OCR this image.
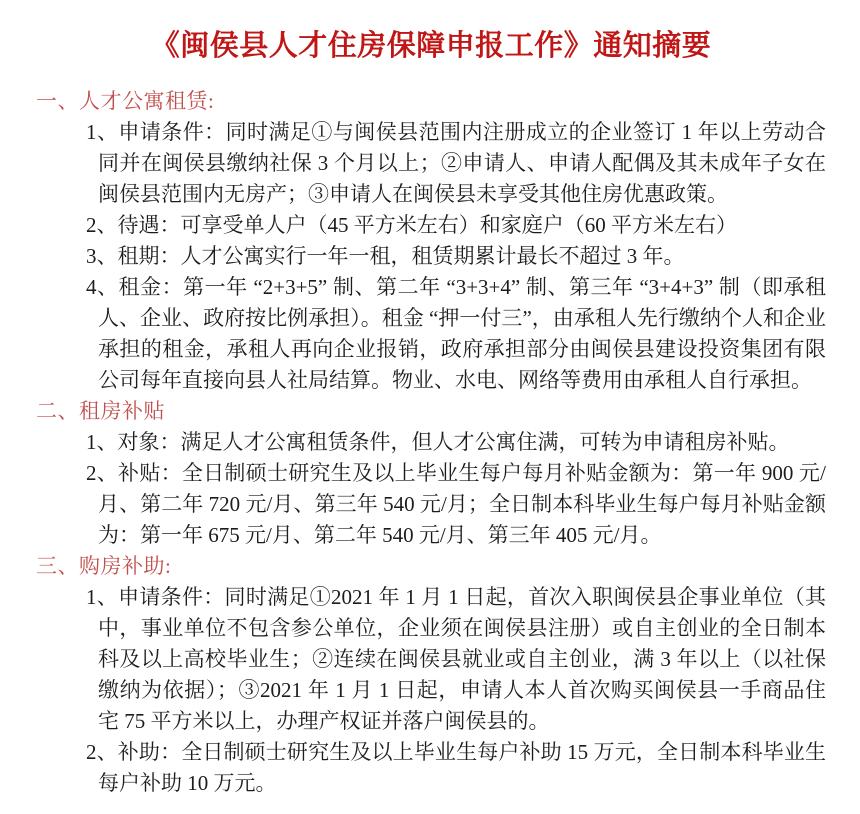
《闽侯县人才住房保障申报工作》通知摘要
一、人才公寓租赁:

1、申请条件：同时满足①与闽侯县范围内注册成立的企业签订 1 年以上劳动合同并在闽侯县缴纳社保 3 个月以上；②申请人、申请人配偶及其未成年子女在闽侯县范围内无房产；③申请人在闽侯县未享受其他住房优惠政策。

2、待遇：可享受单人户（45 平方米左右）和家庭户（60 平方米左右）

3、租期：人才公寓实行一年一租，租赁期累计最长不超过 3 年。

4、租金：第一年 “2+3+5” 制、第二年 “3+3+4” 制、第三年 “3+4+3” 制（即承租人、企业、政府按比例承担）。租金 “押一付三”，由承租人先行缴纳个人和企业承担的租金，承租人再向企业报销，政府承担部分由闽侯县建设投资集团有限公司每年直接向县人社局结算。物业、水电、网络等费用由承租人自行承担。

二、租房补贴

1、对象：满足人才公寓租赁条件，但人才公寓住满，可转为申请租房补贴。

2、补贴：全日制硕士研究生及以上毕业生每户每月补贴金额为：第一年 900 元/月、第二年 720 元/月、第三年 540 元/月；全日制本科毕业生每户每月补贴金额为：第一年 675 元/月、第二年 540 元/月、第三年 405 元/月。

三、购房补助:

1、申请条件：同时满足①2021 年 1 月 1 日起，首次入职闽侯县企事业单位（其中，事业单位不包含参公单位，企业须在闽侯县注册）或自主创业的全日制本科及以上高校毕业生；②连续在闽侯县就业或自主创业，满 3 年以上（以社保缴纳为依据）；③2021 年 1 月 1 日起，申请人本人首次购买闽侯县一手商品住宅 75 平方米以上，办理产权证并落户闽侯县的。

2、补助：全日制硕士研究生及以上毕业生每户补助 15 万元，全日制本科毕业生每户补助 10 万元。
